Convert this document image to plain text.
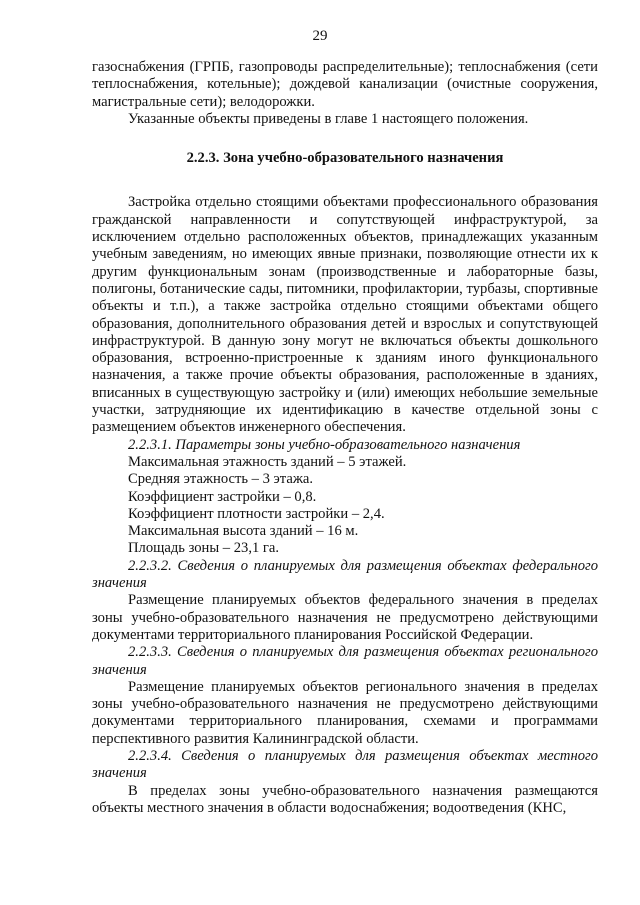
29

газоснабжения (ГРПБ, газопроводы распределительные); теплоснабжения (сети теплоснабжения, котельные); дождевой канализации (очистные сооружения, магистральные сети); велодорожки.

Указанные объекты приведены в главе 1 настоящего положения.

2.2.3. Зона учебно-образовательного назначения

Застройка отдельно стоящими объектами профессионального образования гражданской направленности и сопутствующей инфраструктурой, за исключением отдельно расположенных объектов, принадлежащих указанным учебным заведениям, но имеющих явные признаки, позволяющие отнести их к другим функциональным зонам (производственные и лабораторные базы, полигоны, ботанические сады, питомники, профилактории, турбазы, спортивные объекты и т.п.), а также застройка отдельно стоящими объектами общего образования, дополнительного образования детей и взрослых и сопутствующей инфраструктурой. В данную зону могут не включаться объекты дошкольного образования, встроенно-пристроенные к зданиям иного функционального назначения, а также прочие объекты образования, расположенные в зданиях, вписанных в существующую застройку и (или) имеющих небольшие земельные участки, затрудняющие их идентификацию в качестве отдельной зоны с размещением объектов инженерного обеспечения.

2.2.3.1. Параметры зоны учебно-образовательного назначения

Максимальная этажность зданий – 5 этажей.

Средняя этажность – 3 этажа.

Коэффициент застройки – 0,8.

Коэффициент плотности застройки – 2,4.

Максимальная высота зданий – 16 м.

Площадь зоны – 23,1 га.

2.2.3.2. Сведения о планируемых для размещения объектах федерального значения

Размещение планируемых объектов федерального значения в пределах зоны учебно-образовательного назначения не предусмотрено действующими документами территориального планирования Российской Федерации.

2.2.3.3. Сведения о планируемых для размещения объектах регионального значения

Размещение планируемых объектов регионального значения в пределах зоны учебно-образовательного назначения не предусмотрено действующими документами территориального планирования, схемами и программами перспективного развития Калининградской области.

2.2.3.4. Сведения о планируемых для размещения объектах местного значения

В пределах зоны учебно-образовательного назначения размещаются объекты местного значения в области водоснабжения; водоотведения (КНС,
